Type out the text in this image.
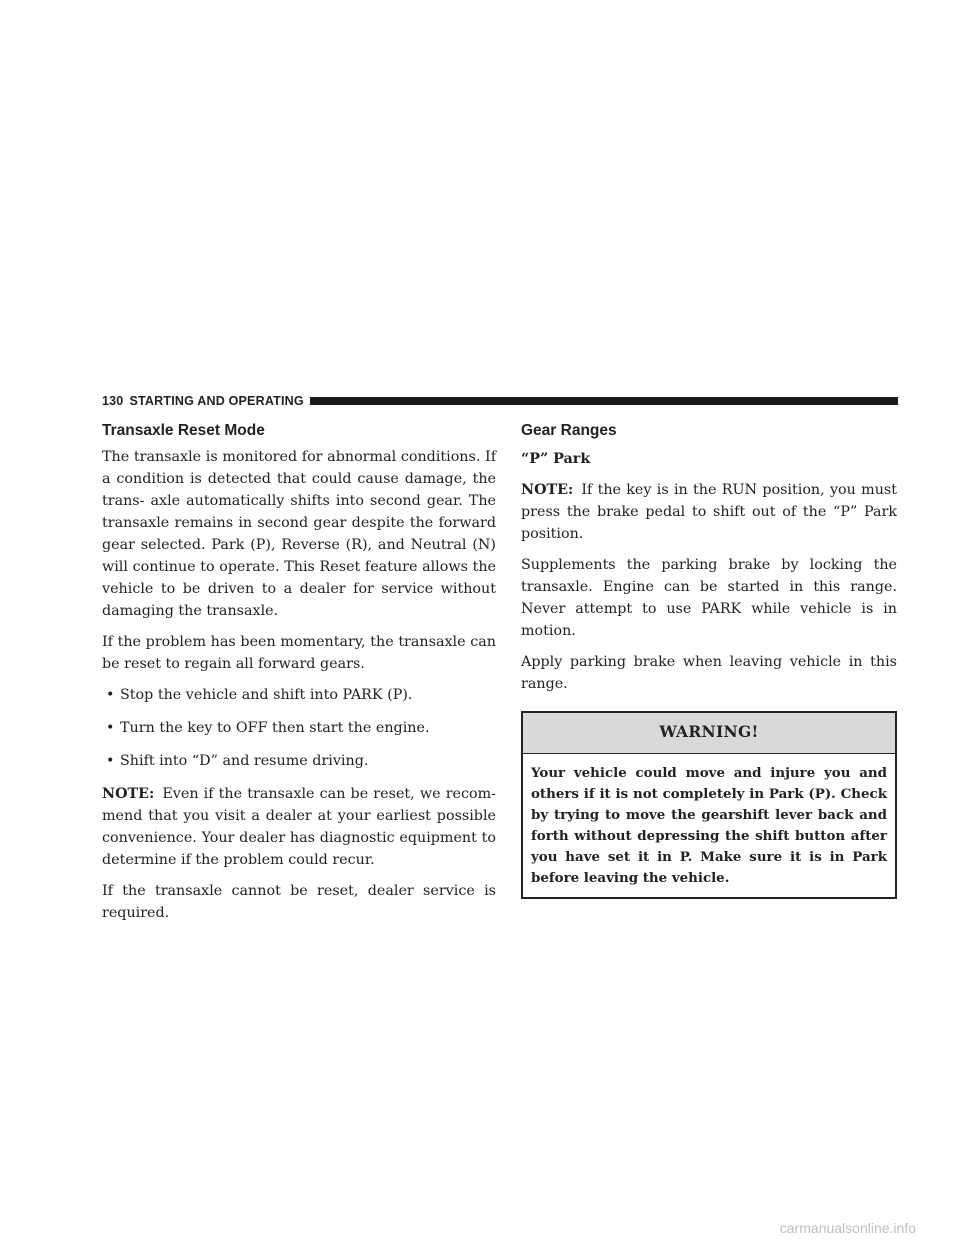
130 STARTING AND OPERATING
Transaxle Reset Mode

The transaxle is monitored for abnormal conditions. If a condition is detected that could cause damage, the trans- axle automatically shifts into second gear. The transaxle remains in second gear despite the forward gear selected. Park (P), Reverse (R), and Neutral (N) will continue to operate. This Reset feature allows the vehicle to be driven to a dealer for service without damaging the transaxle.

If the problem has been momentary, the transaxle can be reset to regain all forward gears.

• Stop the vehicle and shift into PARK (P).
• Turn the key to OFF then start the engine.
• Shift into “D” and resume driving.

NOTE: Even if the transaxle can be reset, we recom- mend that you visit a dealer at your earliest possible convenience. Your dealer has diagnostic equipment to determine if the problem could recur.

If the transaxle cannot be reset, dealer service is required.

Gear Ranges
“P” Park

NOTE: If the key is in the RUN position, you must press the brake pedal to shift out of the “P” Park position.

Supplements the parking brake by locking the transaxle. Engine can be started in this range. Never attempt to use PARK while vehicle is in motion.

Apply parking brake when leaving vehicle in this range.

WARNING!
Your vehicle could move and injure you and others if it is not completely in Park (P). Check by trying to move the gearshift lever back and forth without depressing the shift button after you have set it in P. Make sure it is in Park before leaving the vehicle.
carmanualsonline.info
